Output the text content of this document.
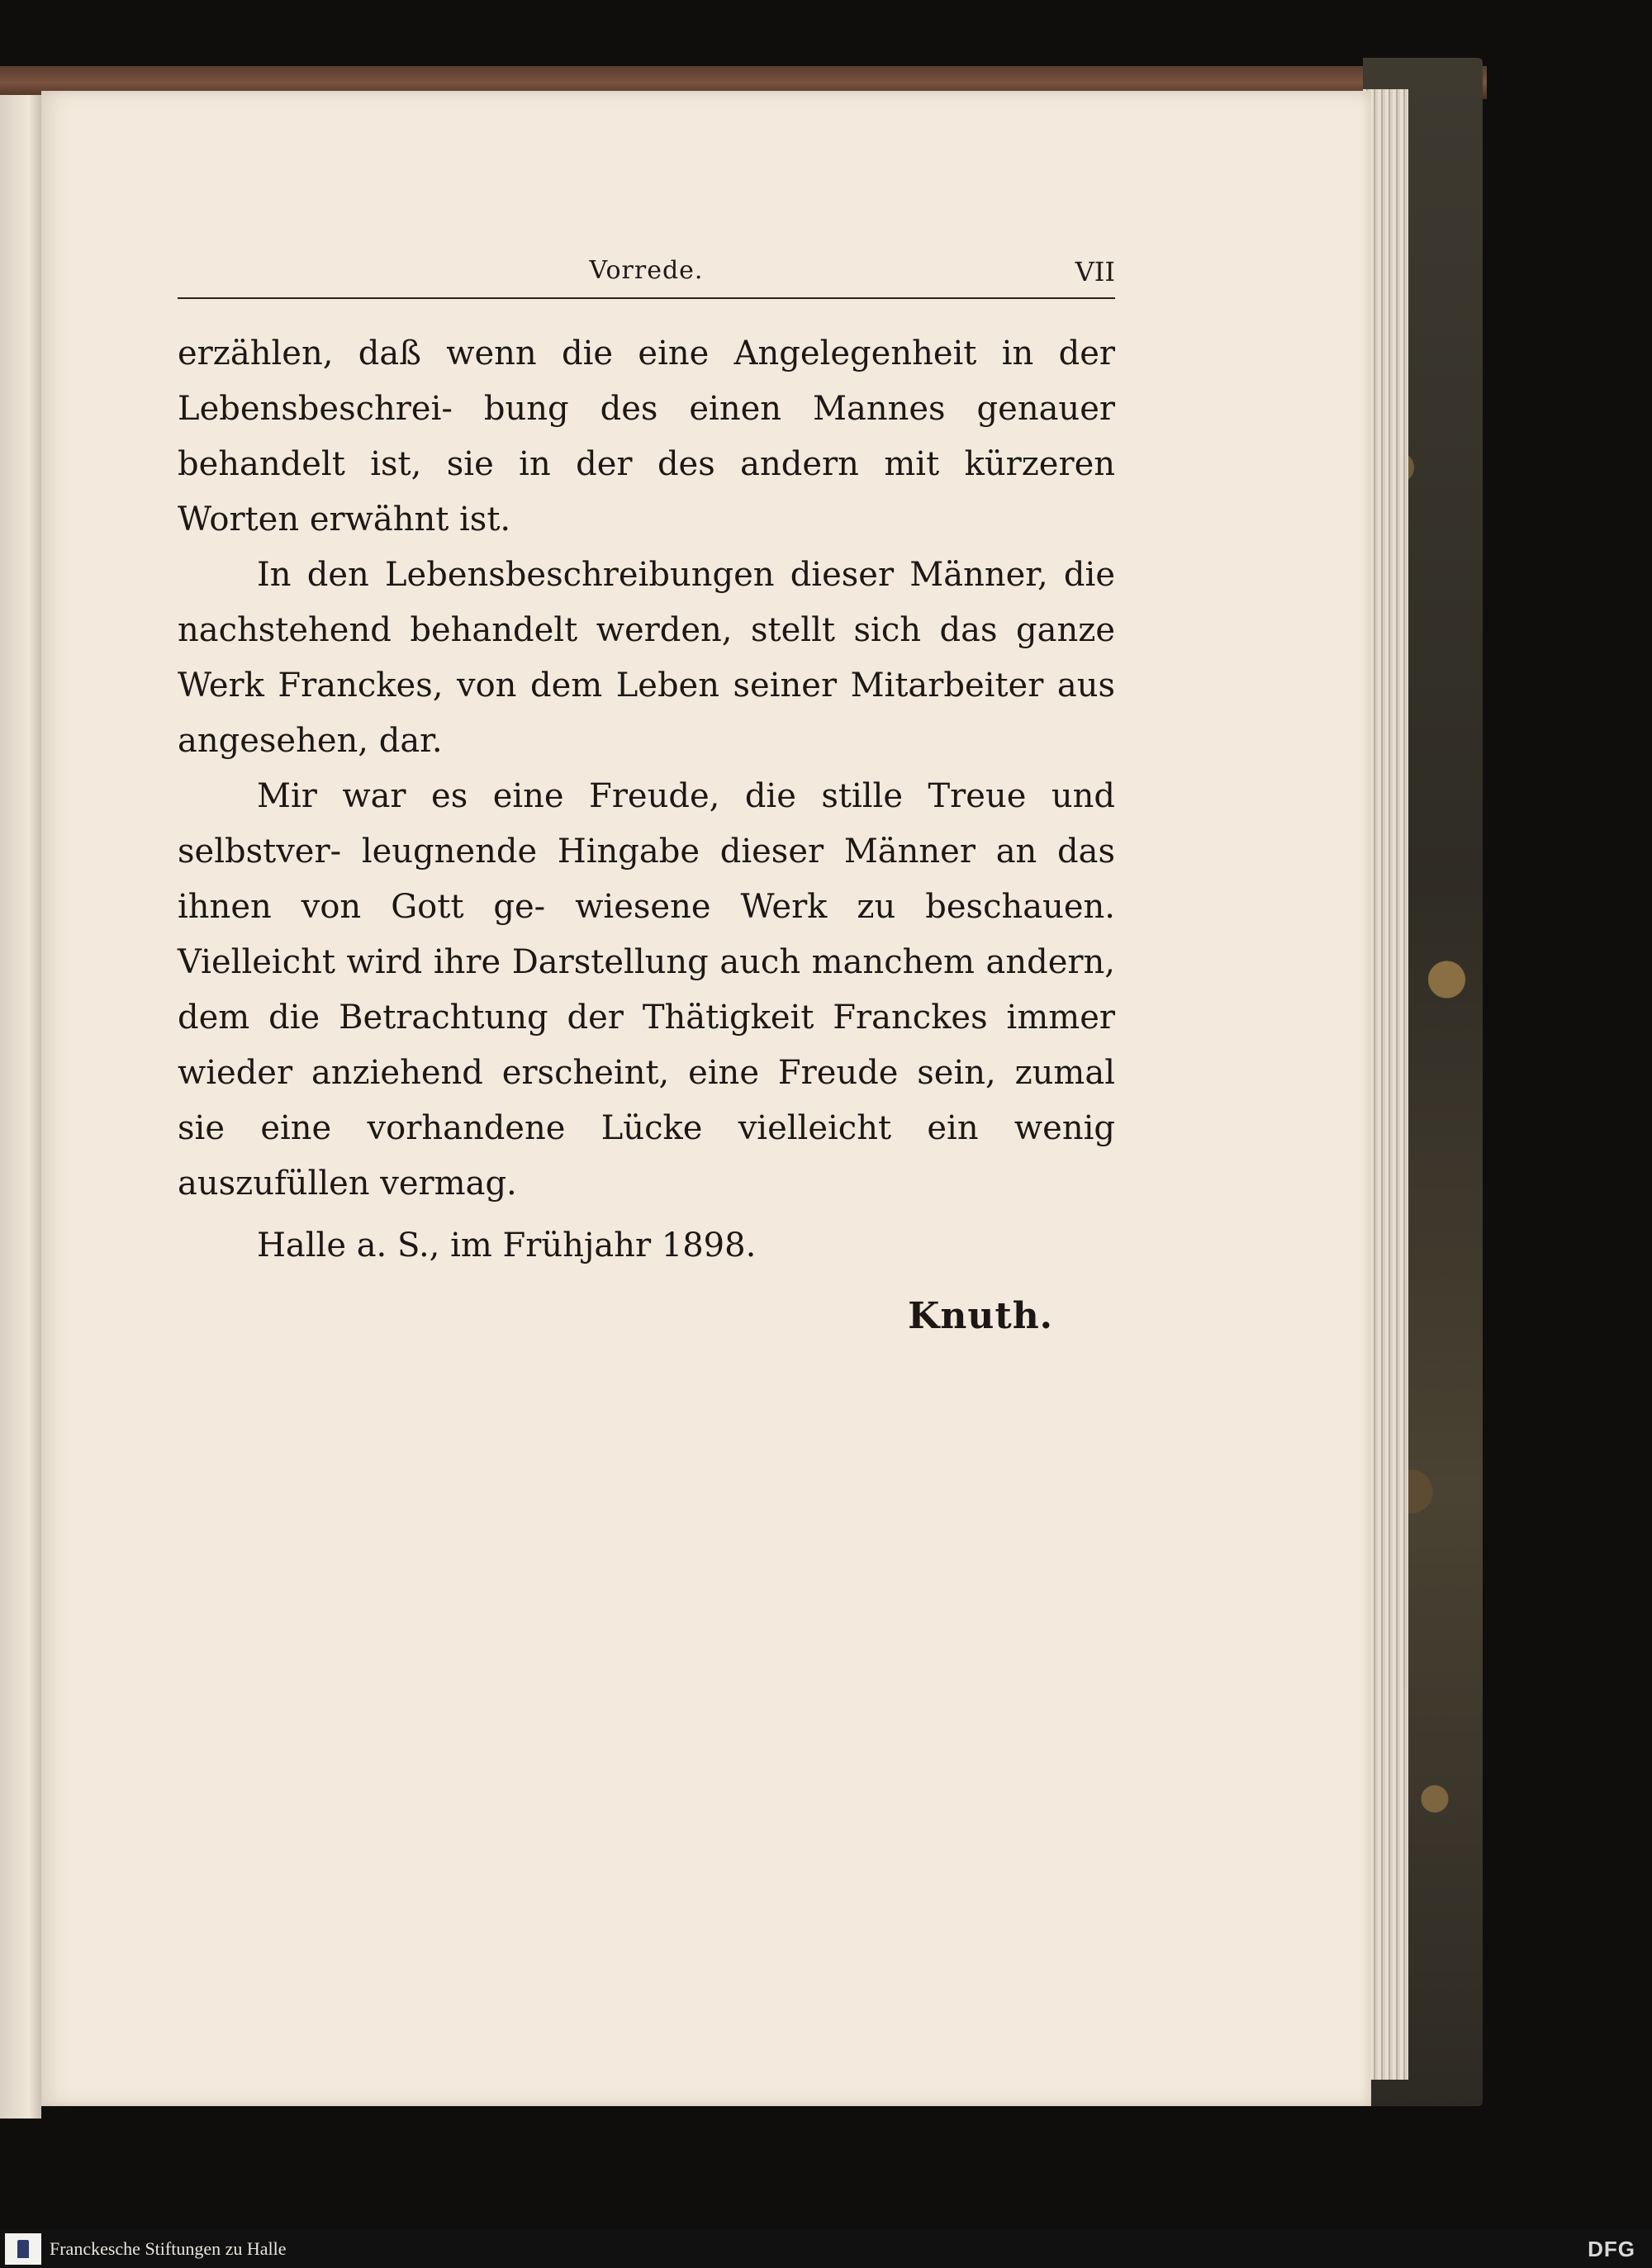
Vorrede.	VII

erzählen, daß wenn die eine Angelegenheit in der Lebensbeschrei- bung des einen Mannes genauer behandelt ist, sie in der des andern mit kürzeren Worten erwähnt ist.

In den Lebensbeschreibungen dieser Männer, die nachstehend behandelt werden, stellt sich das ganze Werk Franckes, von dem Leben seiner Mitarbeiter aus angesehen, dar.

Mir war es eine Freude, die stille Treue und selbstver- leugnende Hingabe dieser Männer an das ihnen von Gott ge- wiesene Werk zu beschauen. Vielleicht wird ihre Darstellung auch manchem andern, dem die Betrachtung der Thätigkeit Franckes immer wieder anziehend erscheint, eine Freude sein, zumal sie eine vorhandene Lücke vielleicht ein wenig auszufüllen vermag.

Halle a. S., im Frühjahr 1898.

Knuth.

Franckesche Stiftungen zu Halle	DFG
